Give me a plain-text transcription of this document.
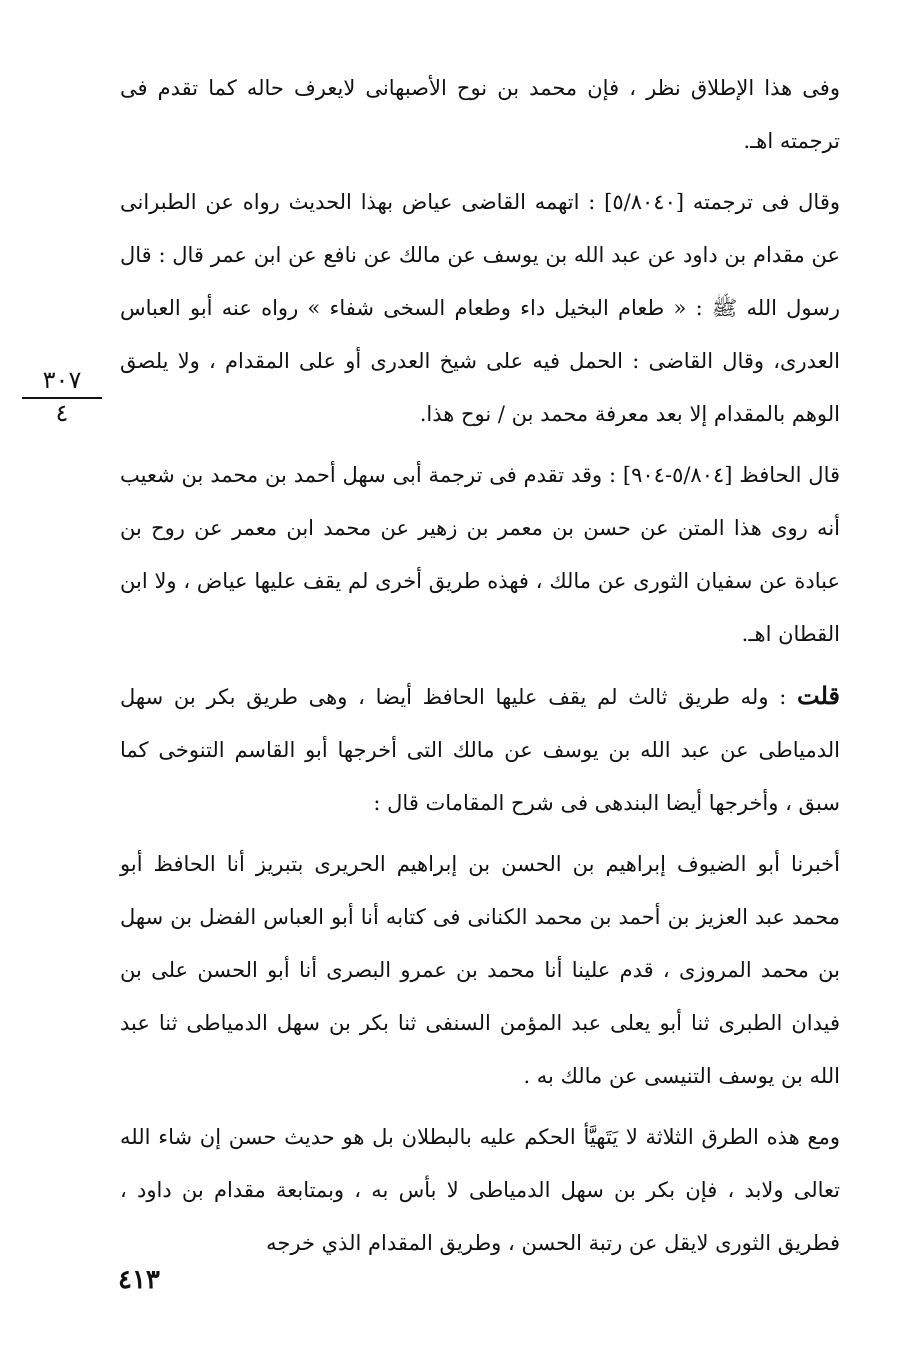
٣٠٧
٤

وفى هذا الإطلاق نظر ، فإن محمد بن نوح الأصبهانى لايعرف حاله كما تقدم فى ترجمته اهـ.

وقال فى ترجمته [٥/٨٠٤٠] : اتهمه القاضى عياض بهذا الحديث رواه عن الطبرانى عن مقدام بن داود عن عبد الله بن يوسف عن مالك عن نافع عن ابن عمر قال : قال رسول الله ﷺ : « طعام البخيل داء وطعام السخى شفاء » رواه عنه أبو العباس العدرى، وقال القاضى : الحمل فيه على شيخ العدرى أو على المقدام ، ولا يلصق الوهم بالمقدام إلا بعد معرفة محمد بن / نوح هذا.

قال الحافظ [٥/٨٠٤-٩٠٤] : وقد تقدم فى ترجمة أبى سهل أحمد بن محمد بن شعيب أنه روى هذا المتن عن حسن بن معمر بن زهير عن محمد ابن معمر عن روح بن عبادة عن سفيان الثورى عن مالك ، فهذه طريق أخرى لم يقف عليها عياض ، ولا ابن القطان اهـ.

قلت : وله طريق ثالث لم يقف عليها الحافظ أيضا ، وهى طريق بكر بن سهل الدمياطى عن عبد الله بن يوسف عن مالك التى أخرجها أبو القاسم التنوخى كما سبق ، وأخرجها أيضا البندهى فى شرح المقامات قال :

أخبرنا أبو الضيوف إبراهيم بن الحسن بن إبراهيم الحريرى بتبريز أنا الحافظ أبو محمد عبد العزيز بن أحمد بن محمد الكنانى فى كتابه أنا أبو العباس الفضل بن سهل بن محمد المروزى ، قدم علينا أنا محمد بن عمرو البصرى أنا أبو الحسن على بن فيدان الطبرى ثنا أبو يعلى عبد المؤمن السنفى ثنا بكر بن سهل الدمياطى ثنا عبد الله بن يوسف التنيسى عن مالك به .

ومع هذه الطرق الثلاثة لا يَتَهيَّأ الحكم عليه بالبطلان بل هو حديث حسن إن شاء الله تعالى ولابد ، فإن بكر بن سهل الدمياطى لا بأس به ، وبمتابعة مقدام بن داود ، فطريق الثورى لايقل عن رتبة الحسن ، وطريق المقدام الذي خرجه

٤١٣
